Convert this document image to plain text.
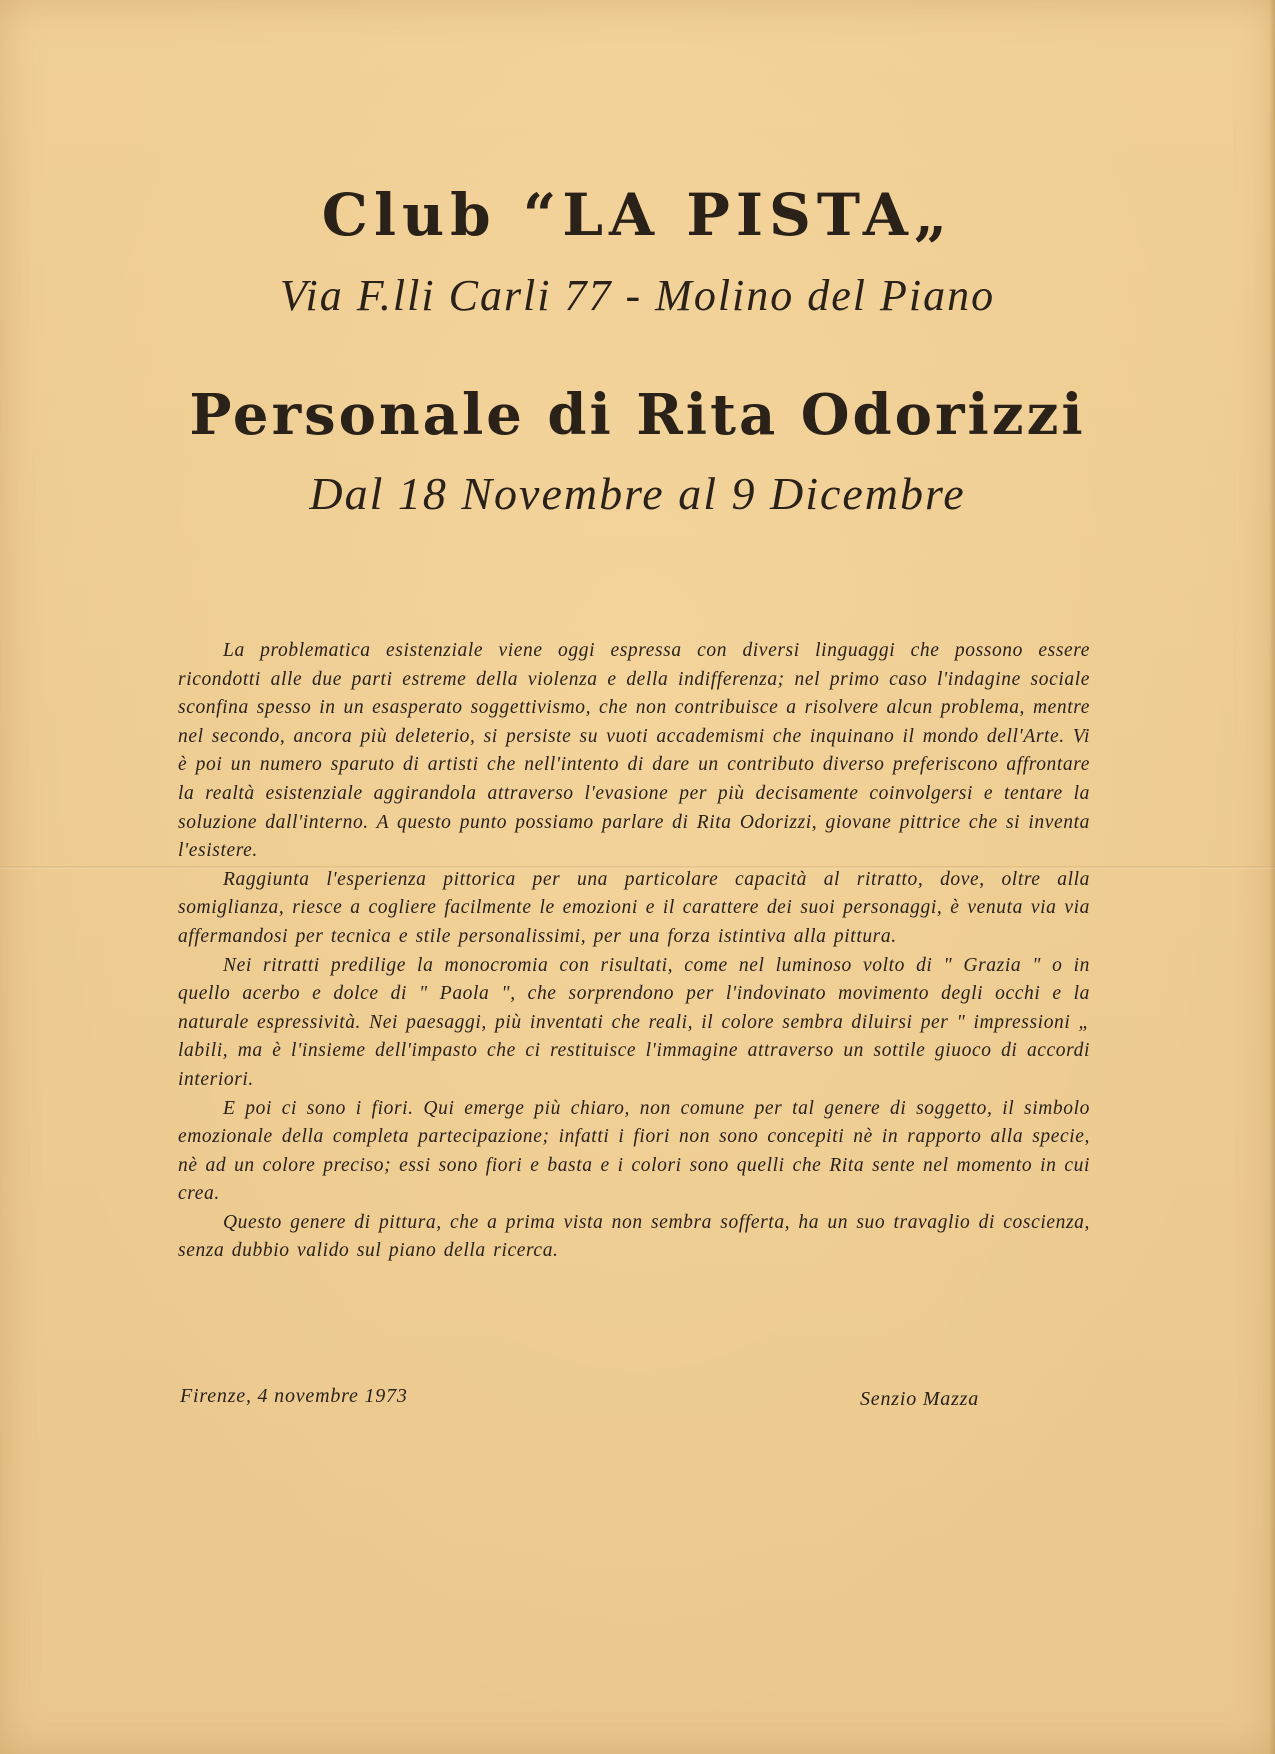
Club “LA PISTA„
Via F.lli Carli 77 - Molino del Piano
Personale di Rita Odorizzi
Dal 18 Novembre al 9 Dicembre

La problematica esistenziale viene oggi espressa con diversi linguaggi che possono essere ricondotti alle due parti estreme della violenza e della indifferenza; nel primo caso l'indagine sociale sconfina spesso in un esasperato soggettivismo, che non contribuisce a risolvere alcun problema, mentre nel secondo, ancora più deleterio, si persiste su vuoti accademismi che inquinano il mondo dell'Arte. Vi è poi un numero sparuto di artisti che nell'intento di dare un contributo diverso preferiscono affrontare la realtà esistenziale aggirandola attraverso l'evasione per più decisamente coinvolgersi e tentare la soluzione dall'interno. A questo punto possiamo parlare di Rita Odorizzi, giovane pittrice che si inventa l'esistere.

Raggiunta l'esperienza pittorica per una particolare capacità al ritratto, dove, oltre alla somiglianza, riesce a cogliere facilmente le emozioni e il carattere dei suoi personaggi, è venuta via via affermandosi per tecnica e stile personalissimi, per una forza istintiva alla pittura.

Nei ritratti predilige la monocromia con risultati, come nel luminoso volto di " Grazia " o in quello acerbo e dolce di " Paola ", che sorprendono per l'indovinato movimento degli occhi e la naturale espressività. Nei paesaggi, più inventati che reali, il colore sembra diluirsi per " impressioni „ labili, ma è l'insieme dell'impasto che ci restituisce l'immagine attraverso un sottile giuoco di accordi interiori.

E poi ci sono i fiori. Qui emerge più chiaro, non comune per tal genere di soggetto, il simbolo emozionale della completa partecipazione; infatti i fiori non sono concepiti nè in rapporto alla specie, nè ad un colore preciso; essi sono fiori e basta e i colori sono quelli che Rita sente nel momento in cui crea.

Questo genere di pittura, che a prima vista non sembra sofferta, ha un suo travaglio di coscienza, senza dubbio valido sul piano della ricerca.

Firenze, 4 novembre 1973	Senzio Mazza
